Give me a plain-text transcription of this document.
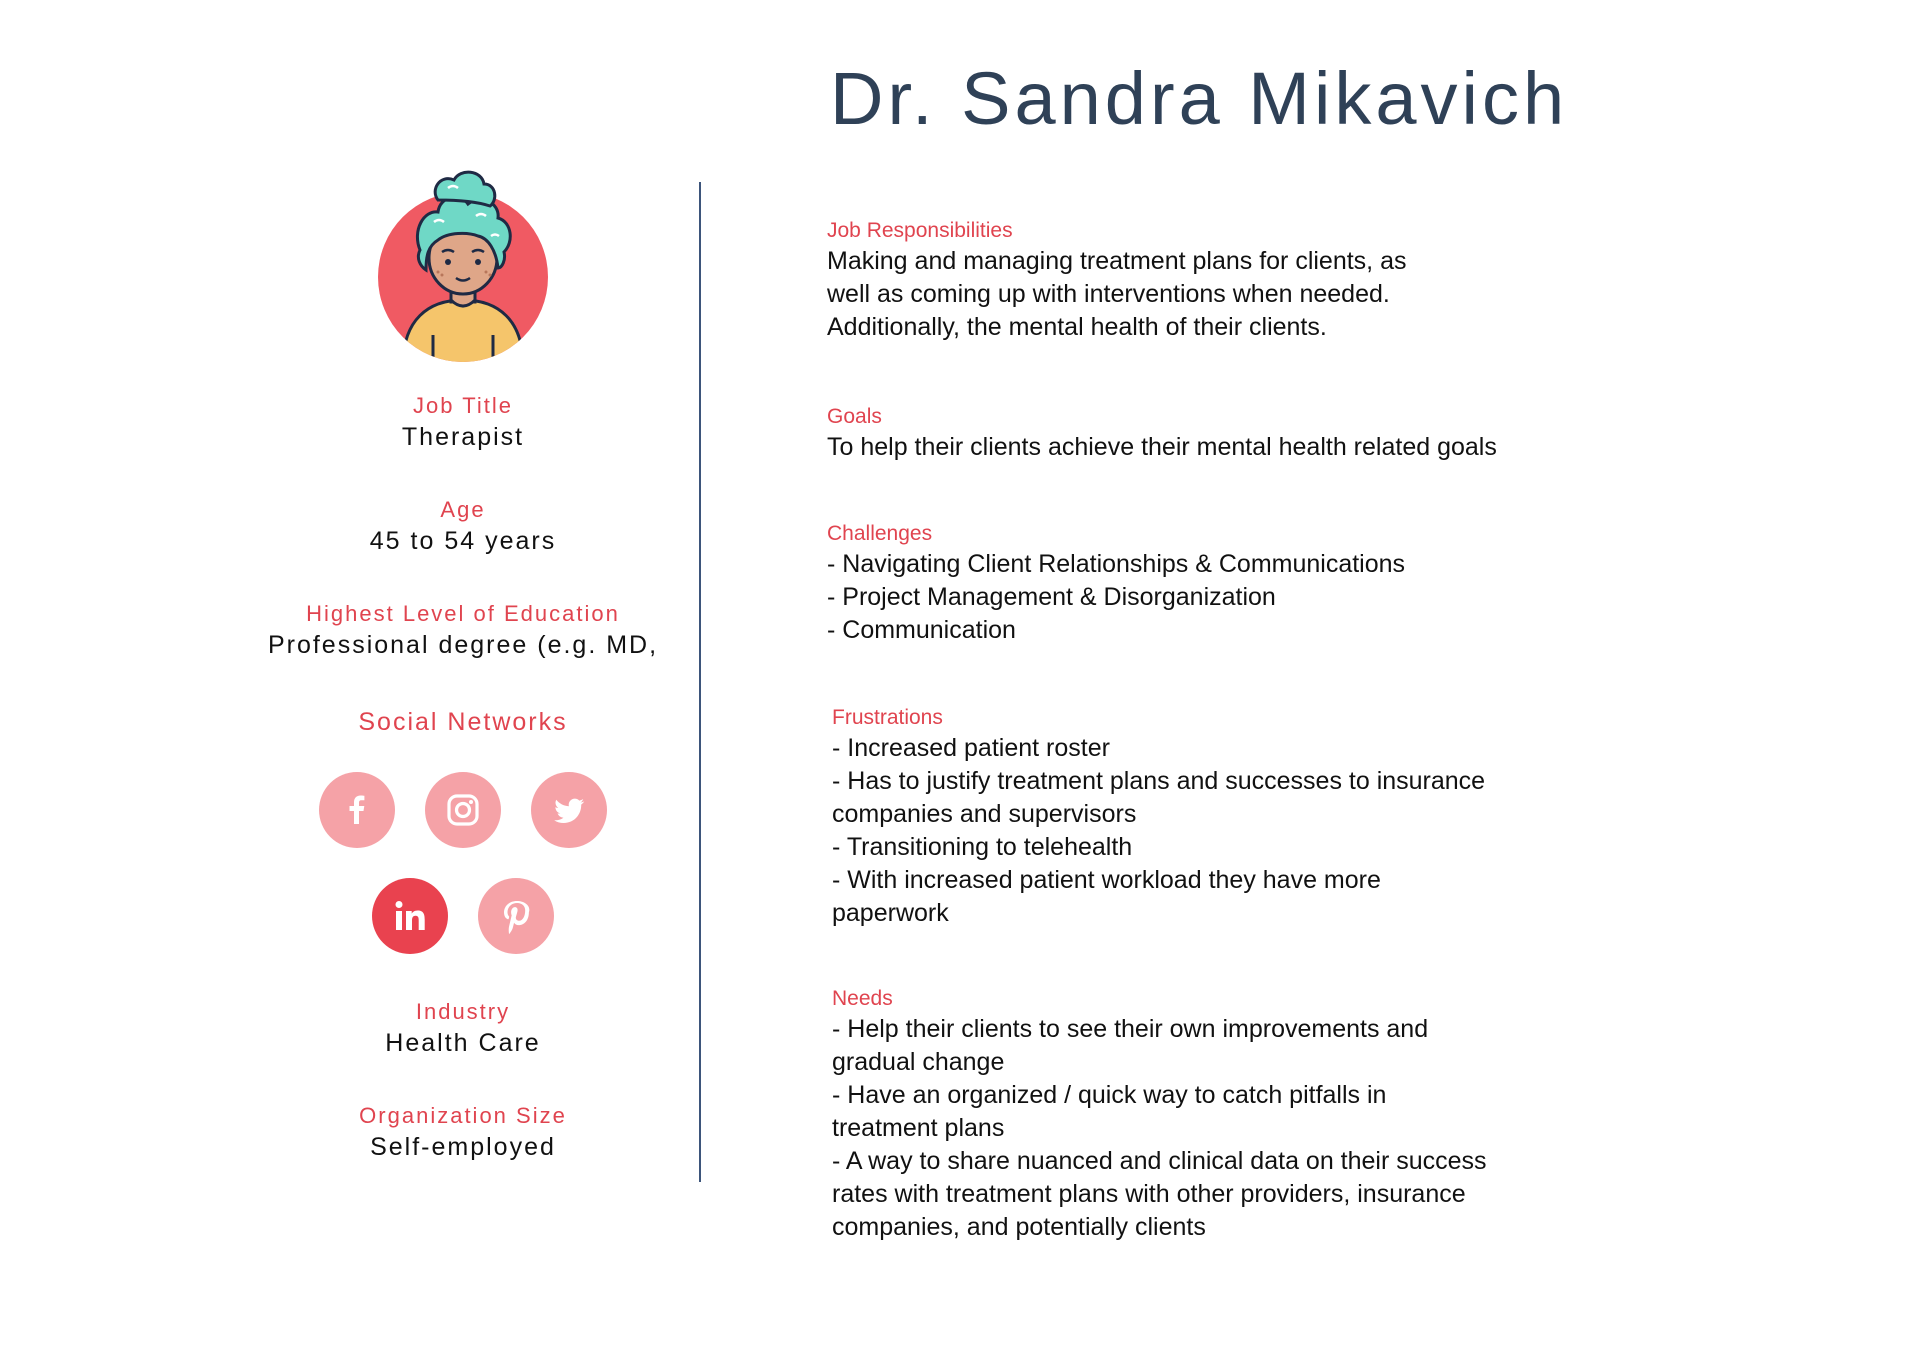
Dr. Sandra Mikavich
Job Title
Therapist
Age
45 to 54 years
Highest Level of Education
Professional degree (e.g. MD,
Social Networks
Industry
Health Care
Organization Size
Self-employed
Job Responsibilities
Making and managing treatment plans for clients, as
well as coming up with interventions when needed.
Additionally, the mental health of their clients.
Goals
To help their clients achieve their mental health related goals
Challenges
- Navigating Client Relationships & Communications
- Project Management & Disorganization
- Communication
Frustrations
- Increased patient roster
- Has to justify treatment plans and successes to insurance
companies and supervisors
- Transitioning to telehealth
- With increased patient workload they have more
paperwork
Needs
- Help their clients to see their own improvements and
gradual change
- Have an organized / quick way to catch pitfalls in
treatment plans
- A way to share nuanced and clinical data on their success
rates with treatment plans with other providers, insurance
companies, and potentially clients
